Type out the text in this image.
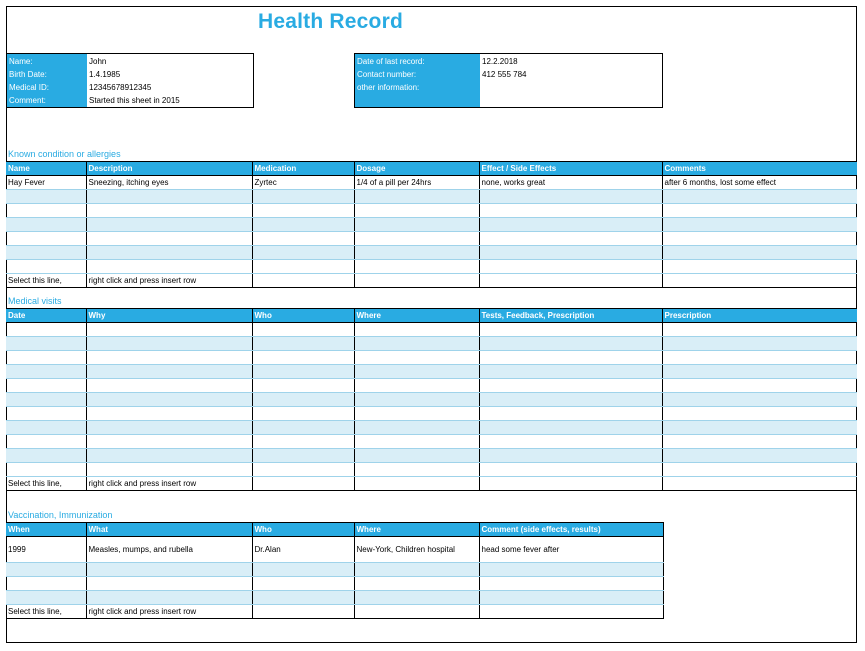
Health Record
Name:	John
Birth Date:	1.4.1985
Medical ID:	12345678912345
Comment:	Started this sheet in 2015
Date of last record:	12.2.2018
Contact number:	412 555 784
other information:
Known condition or allergies
Name	Description	Medication	Dosage	Effect / Side Effects	Comments
Hay Fever	Sneezing, itching eyes	Zyrtec	1/4 of a pill per 24hrs	none, works great	after 6 months, lost some effect

Select this line,	right click and press insert row				
Medical visits
Date	Why	Who	Where	Tests, Feedback, Prescription	Prescription

Select this line,	right click and press insert row				
Vaccination, Immunization
When	What	Who	Where	Comment (side effects, results)
1999	Measles, mumps, and rubella	Dr.Alan	New-York, Children hospital	head some fever after

Select this line,	right click and press insert row			
